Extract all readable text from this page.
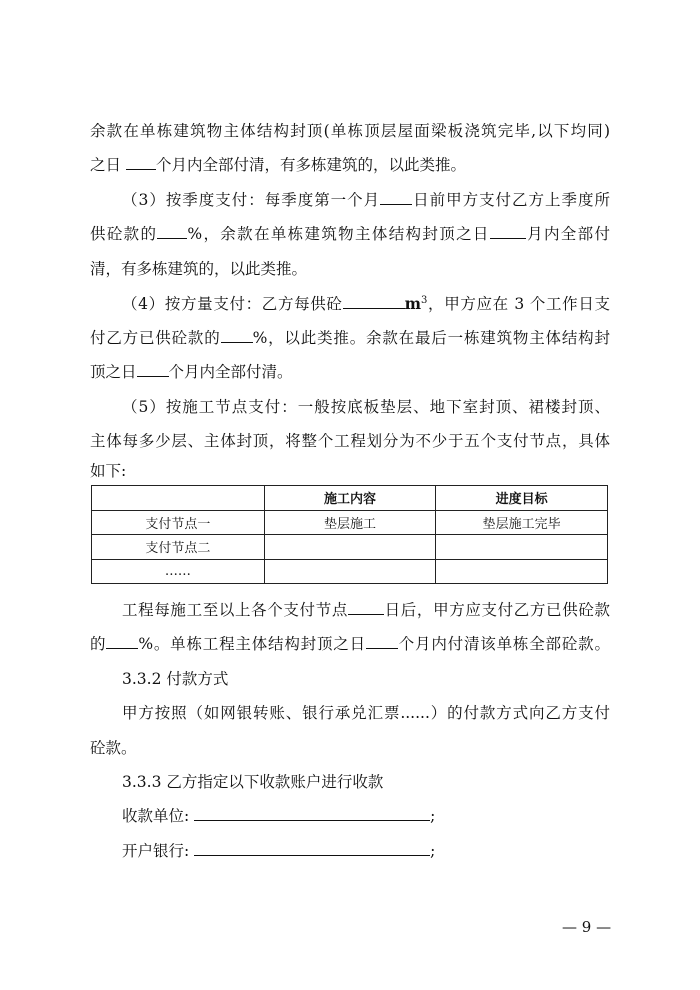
余款在单栋建筑物主体结构封顶(单栋顶层屋面梁板浇筑完毕,以下均同)
之日 个月内全部付清，有多栋建筑的，以此类推。
（3）按季度支付：每季度第一个月 日前甲方支付乙方上季度所
供砼款的 %，余款在单栋建筑物主体结构封顶之日 月内全部付
清，有多栋建筑的，以此类推。
（4）按方量支付：乙方每供砼	$m^3$，甲方应在 3 个工作日支
付乙方已供砼款的 %，以此类推。余款在最后一栋建筑物主体结构封
顶之日 个月内全部付清。
（5）按施工节点支付：一般按底板垫层、地下室封顶、裙楼封顶、
主体每多少层、主体封顶，将整个工程划分为不少于五个支付节点，具体
如下:
	施工内容	进度目标
支付节点一	垫层施工	垫层施工完毕
支付节点二		
……		
工程每施工至以上各个支付节点 日后，甲方应支付乙方已供砼款
的 %。单栋工程主体结构封顶之日 个月内付清该单栋全部砼款。
3.3.2 付款方式
甲方按照（如网银转账、银行承兑汇票......）的付款方式向乙方支付
砼款。
3.3.3 乙方指定以下收款账户进行收款
收款单位:	;
开户银行:	;
— 9 —
